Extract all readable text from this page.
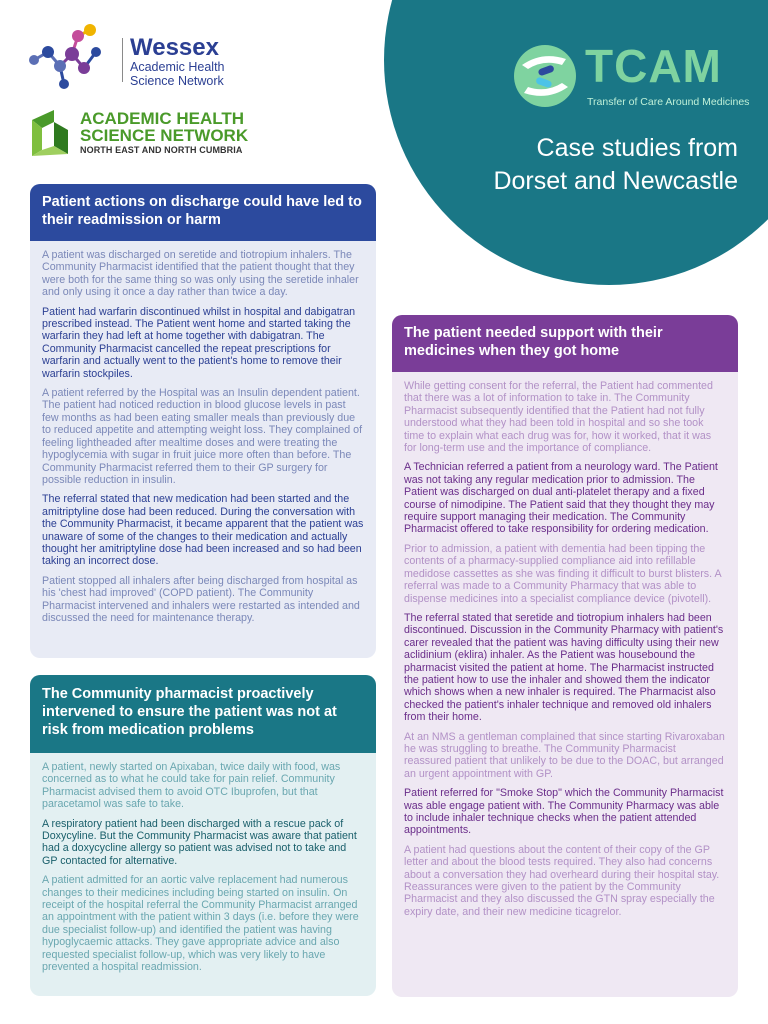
Wessex
Academic Health
Science Network
ACADEMIC HEALTH
SCIENCE NETWORK
NORTH EAST AND NORTH CUMBRIA
TCAM
Transfer of Care Around Medicines
Case studies from
Dorset and Newcastle
Patient actions on discharge could have led to their readmission or harm

A patient was discharged on seretide and tiotropium inhalers. The Community Pharmacist identified that the patient thought that they were both for the same thing so was only using the seretide inhaler and only using it once a day rather than twice a day.

Patient had warfarin discontinued whilst in hospital and dabigatran prescribed instead. The Patient went home and started taking the warfarin they had left at home together with dabigatran. The Community Pharmacist cancelled the repeat prescriptions for warfarin and actually went to the patient's home to remove their warfarin stockpiles.

A patient referred by the Hospital was an Insulin dependent patient. The patient had noticed reduction in blood glucose levels in past few months as had been eating smaller meals than previously due to reduced appetite and attempting weight loss. They complained of feeling lightheaded after mealtime doses and were treating the hypoglycemia with sugar in fruit juice more often than before. The Community Pharmacist referred them to their GP surgery for possible reduction in insulin.

The referral stated that new medication had been started and the amitriptyline dose had been reduced. During the conversation with the Community Pharmacist, it became apparent that the patient was unaware of some of the changes to their medication and actually thought her amitriptyline dose had been increased and so had been taking an incorrect dose.

Patient stopped all inhalers after being discharged from hospital as his 'chest had improved' (COPD patient). The Community Pharmacist intervened and inhalers were restarted as intended and discussed the need for maintenance therapy.

The Community pharmacist proactively intervened to ensure the patient was not at risk from medication problems

A patient, newly started on Apixaban, twice daily with food, was concerned as to what he could take for pain relief. Community Pharmacist advised them to avoid OTC Ibuprofen, but that paracetamol was safe to take.

A respiratory patient had been discharged with a rescue pack of Doxycyline. But the Community Pharmacist was aware that patient had a doxycycline allergy so patient was advised not to take and GP contacted for alternative.

A patient admitted for an aortic valve replacement had numerous changes to their medicines including being started on insulin. On receipt of the hospital referral the Community Pharmacist arranged an appointment with the patient within 3 days (i.e. before they were due specialist follow-up) and identified the patient was having hypoglycaemic attacks. They gave appropriate advice and also requested specialist follow-up, which was very likely to have prevented a hospital readmission.

The patient needed support with their medicines when they got home

While getting consent for the referral, the Patient had commented that there was a lot of information to take in. The Community Pharmacist subsequently identified that the Patient had not fully understood what they had been told in hospital and so she took time to explain what each drug was for, how it worked, that it was for long-term use and the importance of compliance.

A Technician referred a patient from a neurology ward. The Patient was not taking any regular medication prior to admission. The Patient was discharged on dual anti-platelet therapy and a fixed course of nimodipine. The Patient said that they thought they may require support managing their medication. The Community Pharmacist offered to take responsibility for ordering medication.

Prior to admission, a patient with dementia had been tipping the contents of a pharmacy-supplied compliance aid into refillable medidose cassettes as she was finding it difficult to burst blisters. A referral was made to a Community Pharmacy that was able to dispense medicines into a specialist compliance device (pivotell).

The referral stated that seretide and tiotropium inhalers had been discontinued. Discussion in the Community Pharmacy with patient's carer revealed that the patient was having difficulty using their new aclidinium (eklira) inhaler. As the Patient was housebound the pharmacist visited the patient at home. The Pharmacist instructed the patient how to use the inhaler and showed them the indicator which shows when a new inhaler is required. The Pharmacist also checked the patient's inhaler technique and removed old inhalers from their home.

At an NMS a gentleman complained that since starting Rivaroxaban he was struggling to breathe. The Community Pharmacist reassured patient that unlikely to be due to the DOAC, but arranged an urgent appointment with GP.

Patient referred for "Smoke Stop" which the Community Pharmacist was able engage patient with. The Community Pharmacy was able to include inhaler technique checks when the patient attended appointments.

A patient had questions about the content of their copy of the GP letter and about the blood tests required. They also had concerns about a conversation they had overheard during their hospital stay. Reassurances were given to the patient by the Community Pharmacist and they also discussed the GTN spray especially the expiry date, and their new medicine ticagrelor.
